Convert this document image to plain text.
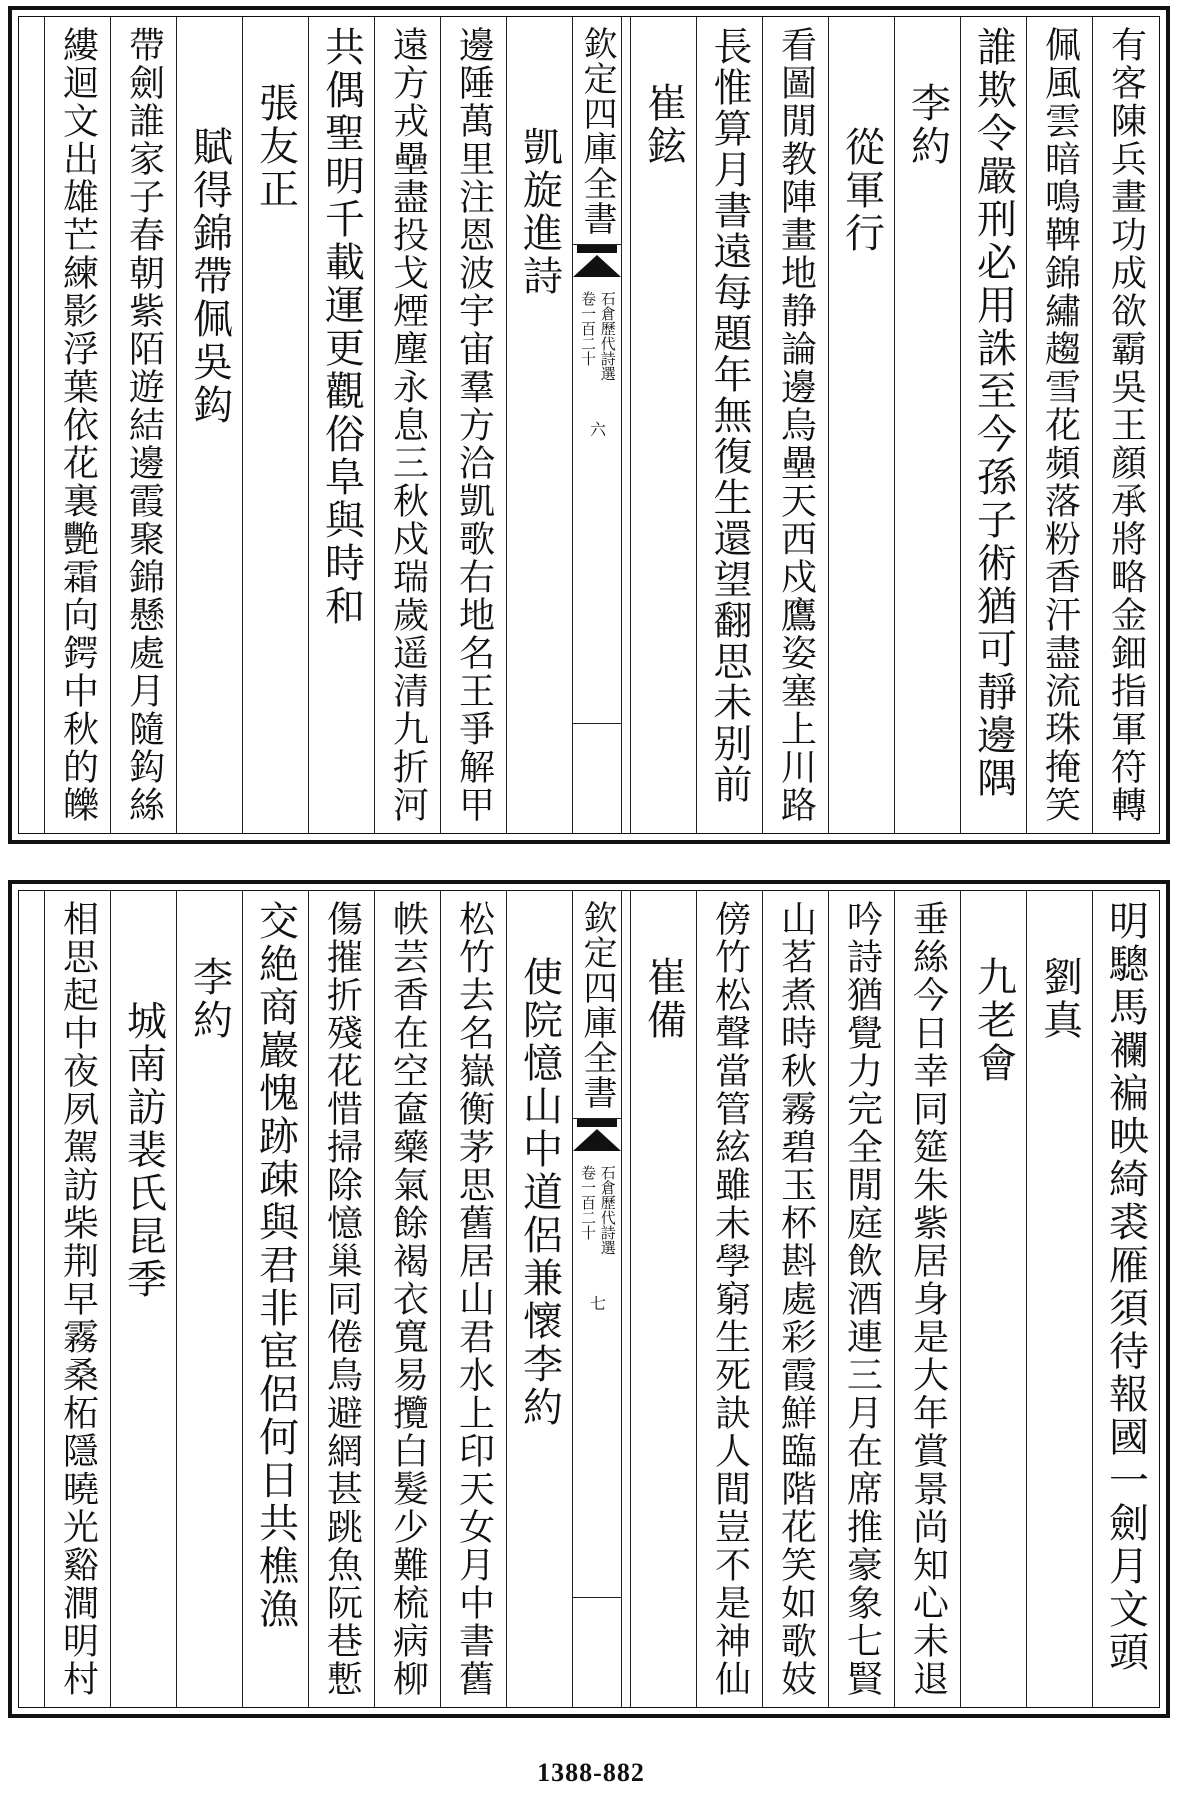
有客陳兵畫功成欲霸吳王顔承將略金鈿指軍符轉
佩風雲暗鳴鞞錦繡趨雪花頻落粉香汗盡流珠掩笑
誰欺令嚴刑必用誅至今孫子術猶可靜邊隅
李約
從軍行
看圖閒教陣畫地静論邊烏壘天西戍鷹姿塞上川路
長惟算月書遠每題年無復生還望翻思未别前
崔鉉
欽定四庫全書
石倉歷代詩選
卷一百二十
六
凱旋進詩
邊陲萬里注恩波宇宙羣方洽凱歌右地名王爭解甲
遠方戎壘盡投戈煙塵永息三秋戍瑞歲遥清九折河
共偶聖明千載運更觀俗阜與時和
張友正
賦得錦帶佩吳鈎
帶劍誰家子春朝紫陌遊結邊霞聚錦懸處月隨鈎絲
縷迴文出雄芒練影浮葉依花裏艷霜向鍔中秋的皪
明驄馬襴褊映綺裘雁須待報國一劍月文頭
劉真
九老會
垂絲今日幸同筵朱紫居身是大年賞景尚知心未退
吟詩猶覺力完全閒庭飲酒連三月在席推豪象七賢
山茗煮時秋霧碧玉杯斟處彩霞鮮臨階花笑如歌妓
傍竹松聲當管絃雖未學窮生死訣人間豈不是神仙
崔備
欽定四庫全書
石倉歷代詩選
卷一百二十
七
使院憶山中道侶兼懷李約
松竹去名嶽衡茅思舊居山君水上印天女月中書舊
帙芸香在空奩藥氣餘褐衣寬易攬白髮少難梳病柳
傷摧折殘花惜掃除憶巢同倦鳥避網甚跳魚阮巷慙
交絶商巖愧跡疎與君非宦侶何日共樵漁
李約
城南訪裴氏昆季
相思起中夜夙駕訪柴荆早霧桑柘隱曉光谿澗明村
1388-882
